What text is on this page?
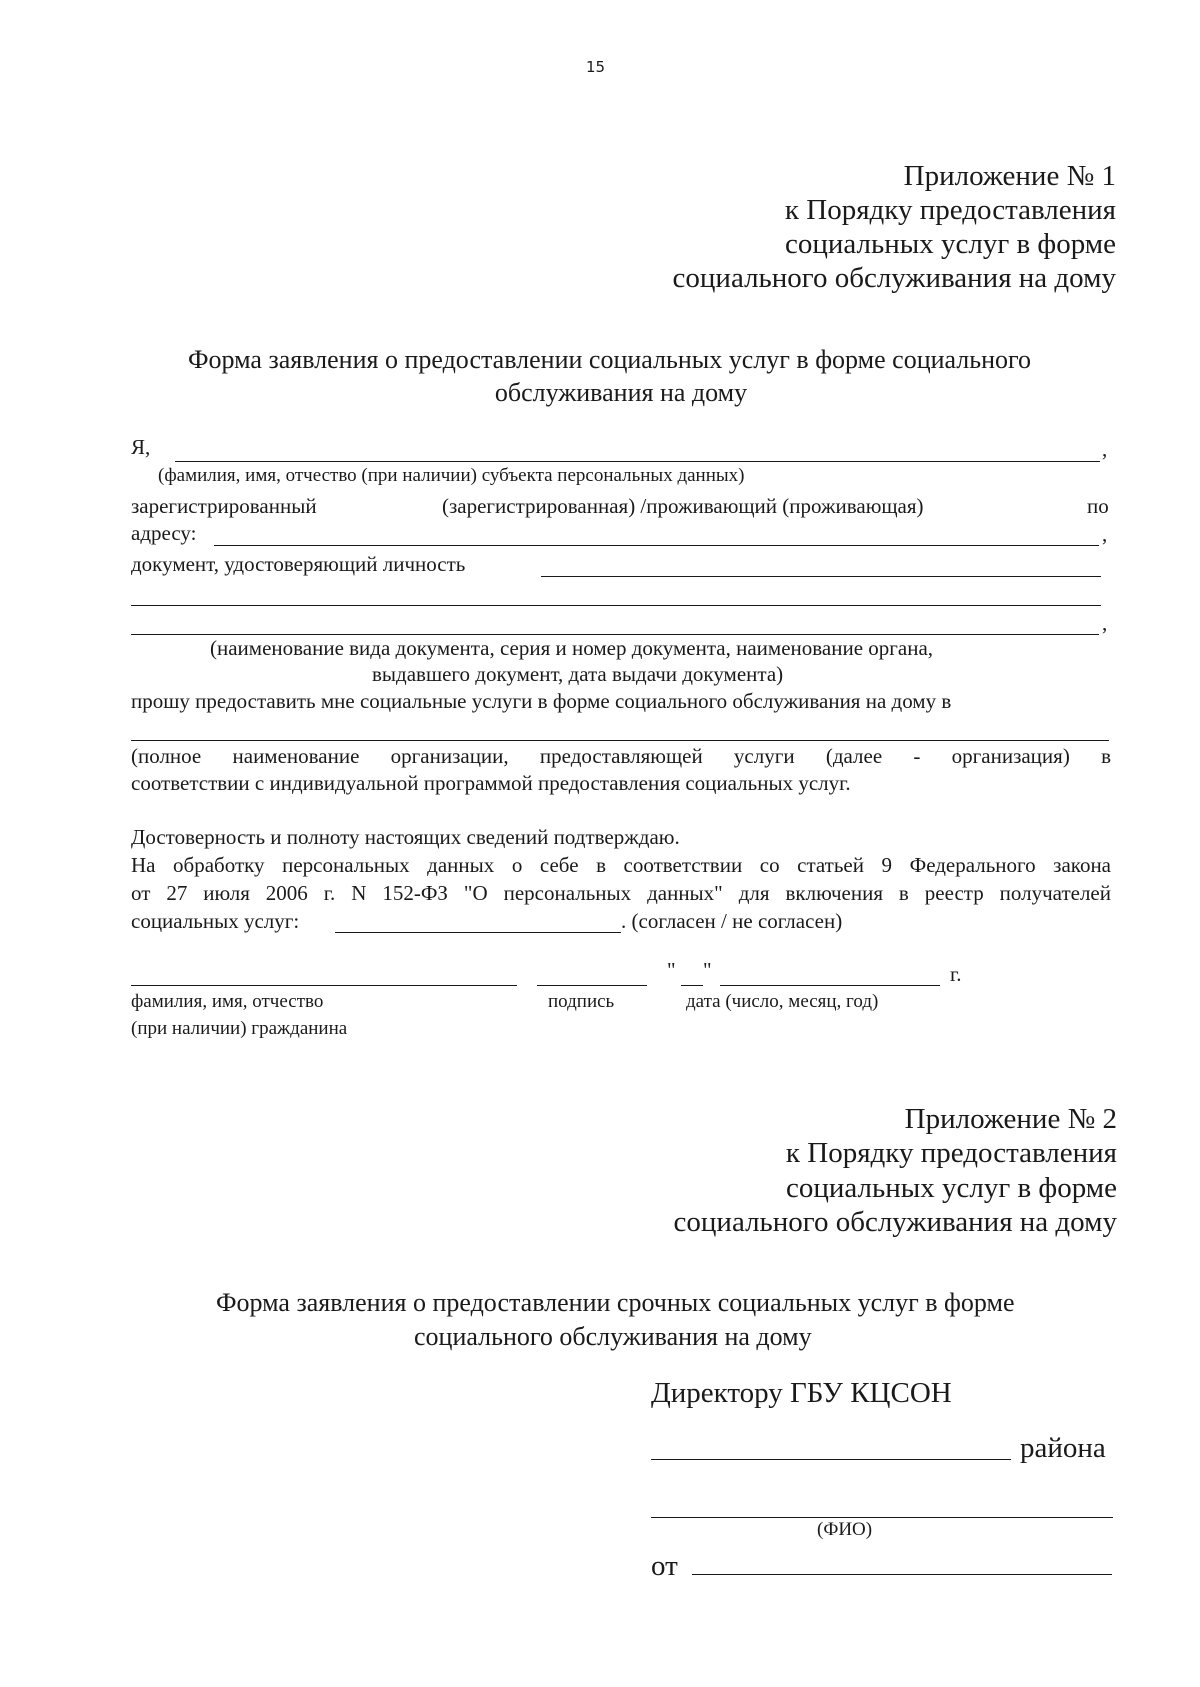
15
Приложение № 1
к Порядку предоставления
социальных услуг в форме
социального обслуживания на дому
Форма заявления о предоставлении социальных услуг в форме социального
обслуживания на дому
Я,	,
(фамилия, имя, отчество (при наличии) субъекта персональных данных)
зарегистрированный	(зарегистрированная) /проживающий (проживающая)	по
адресу:	,
документ, удостоверяющий личность
,
(наименование вида документа, серия и номер документа, наименование органа,
выдавшего документ, дата выдачи документа)
прошу предоставить мне социальные услуги в форме социального обслуживания на дому в
(полное наименование организации, предоставляющей услуги (далее - организация) в
соответствии с индивидуальной программой предоставления социальных услуг.
Достоверность и полноту настоящих сведений подтверждаю.
На обработку персональных данных о себе в соответствии со статьей 9 Федерального закона
от 27 июля 2006 г. N 152-ФЗ "О персональных данных" для включения в реестр получателей
социальных услуг:	. (согласен / не согласен)
" "	г.
фамилия, имя, отчество
(при наличии) гражданина
подпись	дата (число, месяц, год)
Приложение № 2
к Порядку предоставления
социальных услуг в форме
социального обслуживания на дому
Форма заявления о предоставлении срочных социальных услуг в форме
социального обслуживания на дому
Директору ГБУ КЦСОН
района
(ФИО)
от
